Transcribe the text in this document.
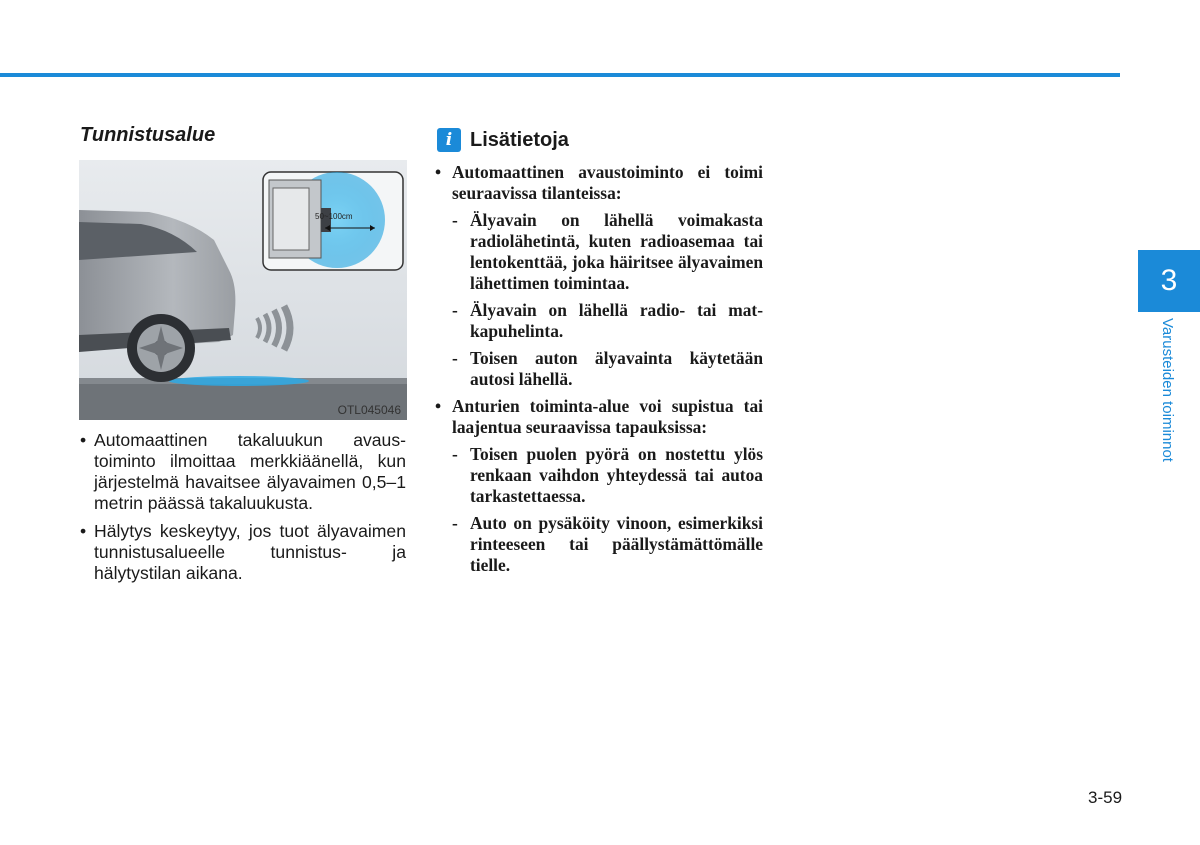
Tunnistusalue
50~100cm
OTL045046
• Automaattinen takaluukun avaustoiminto ilmoittaa merkkiäänellä, kun järjestelmä havaitsee älyavaimen 0,5–1 metrin päässä takaluukusta.
• Hälytys keskeytyy, jos tuot älyavaimen tunnistusalueelle tunnistus- ja hälytystilan aikana.
i Lisätietoja
• Automaattinen avaustoiminto ei toimi seuraavissa tilanteissa:
- Älyavain on lähellä voimakasta radiolähetintä, kuten radioasemaa tai lentokenttää, joka häiritsee älyavaimen lähettimen toimintaa.
- Älyavain on lähellä radio- tai matkapuhelinta.
- Toisen auton älyavainta käytetään autosi lähellä.
• Anturien toiminta-alue voi supistua tai laajentua seuraavissa tapauksissa:
- Toisen puolen pyörä on nostettu ylös renkaan vaihdon yhteydessä tai autoa tarkastettaessa.
- Auto on pysäköity vinoon, esimerkiksi rinteeseen tai päällystämättömälle tielle.
3
Varusteiden toiminnot
3-59
